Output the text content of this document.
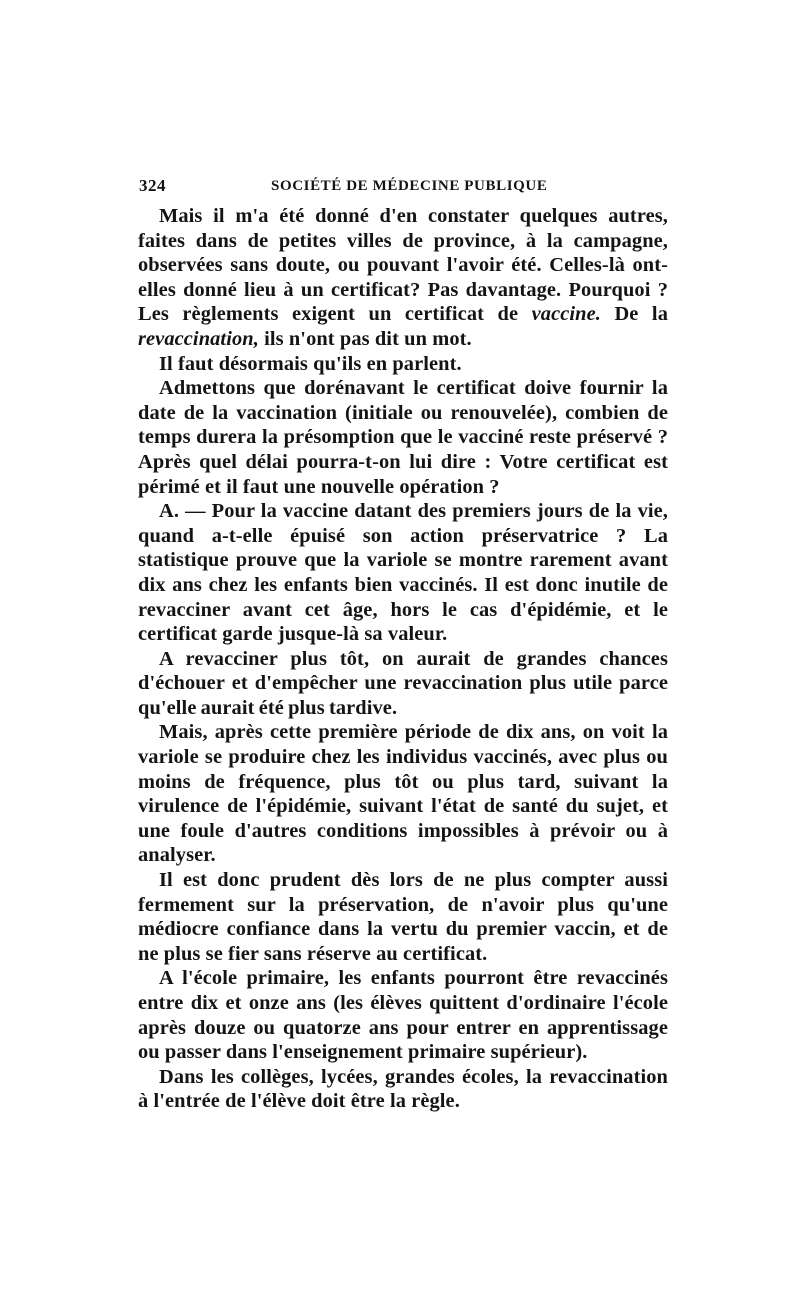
324	SOCIÉTÉ DE MÉDECINE PUBLIQUE

Mais il m'a été donné d'en constater quelques autres, faites dans de petites villes de province, à la campagne, observées sans doute, ou pouvant l'avoir été. Celles-là ont-elles donné lieu à un certificat? Pas davantage. Pourquoi ? Les règlements exigent un certificat de vaccine. De la revaccination, ils n'ont pas dit un mot.

Il faut désormais qu'ils en parlent.

Admettons que dorénavant le certificat doive fournir la date de la vaccination (initiale ou renouvelée), combien de temps durera la présomption que le vacciné reste préservé ? Après quel délai pourra-t-on lui dire : Votre certificat est périmé et il faut une nouvelle opération ?

A. — Pour la vaccine datant des premiers jours de la vie, quand a-t-elle épuisé son action préservatrice ? La statistique prouve que la variole se montre rarement avant dix ans chez les enfants bien vaccinés. Il est donc inutile de revacciner avant cet âge, hors le cas d'épidémie, et le certificat garde jusque-là sa valeur.

A revacciner plus tôt, on aurait de grandes chances d'échouer et d'empêcher une revaccination plus utile parce qu'elle aurait été plus tardive.

Mais, après cette première période de dix ans, on voit la variole se produire chez les individus vaccinés, avec plus ou moins de fréquence, plus tôt ou plus tard, suivant la virulence de l'épidémie, suivant l'état de santé du sujet, et une foule d'autres conditions impossibles à prévoir ou à analyser.

Il est donc prudent dès lors de ne plus compter aussi fermement sur la préservation, de n'avoir plus qu'une médiocre confiance dans la vertu du premier vaccin, et de ne plus se fier sans réserve au certificat.

A l'école primaire, les enfants pourront être revaccinés entre dix et onze ans (les élèves quittent d'ordinaire l'école après douze ou quatorze ans pour entrer en apprentissage ou passer dans l'enseignement primaire supérieur).

Dans les collèges, lycées, grandes écoles, la revaccination à l'entrée de l'élève doit être la règle.
